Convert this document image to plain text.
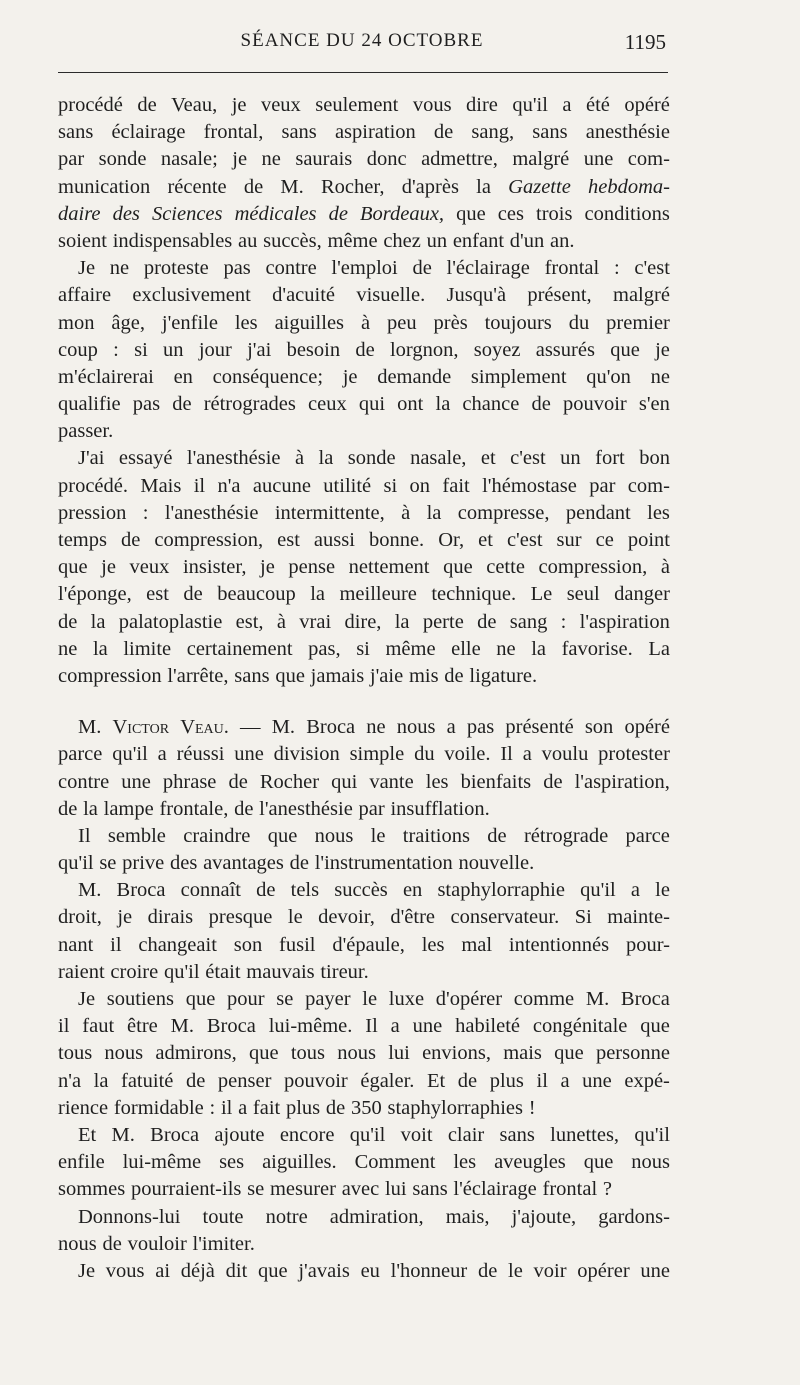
SÉANCE DU 24 OCTOBRE	1195
procédé de Veau, je veux seulement vous dire qu'il a été opéré
sans éclairage frontal, sans aspiration de sang, sans anesthésie
par sonde nasale; je ne saurais donc admettre, malgré une com-
munication récente de M. Rocher, d'après la Gazette hebdoma-
daire des Sciences médicales de Bordeaux, que ces trois conditions
soient indispensables au succès, même chez un enfant d'un an.
Je ne proteste pas contre l'emploi de l'éclairage frontal : c'est
affaire exclusivement d'acuité visuelle. Jusqu'à présent, malgré
mon âge, j'enfile les aiguilles à peu près toujours du premier
coup : si un jour j'ai besoin de lorgnon, soyez assurés que je
m'éclairerai en conséquence; je demande simplement qu'on ne
qualifie pas de rétrogrades ceux qui ont la chance de pouvoir s'en
passer.
J'ai essayé l'anesthésie à la sonde nasale, et c'est un fort bon
procédé. Mais il n'a aucune utilité si on fait l'hémostase par com-
pression : l'anesthésie intermittente, à la compresse, pendant les
temps de compression, est aussi bonne. Or, et c'est sur ce point
que je veux insister, je pense nettement que cette compression, à
l'éponge, est de beaucoup la meilleure technique. Le seul danger
de la palatoplastie est, à vrai dire, la perte de sang : l'aspiration
ne la limite certainement pas, si même elle ne la favorise. La
compression l'arrête, sans que jamais j'aie mis de ligature.
M. Victor Veau. — M. Broca ne nous a pas présenté son opéré
parce qu'il a réussi une division simple du voile. Il a voulu protester
contre une phrase de Rocher qui vante les bienfaits de l'aspiration,
de la lampe frontale, de l'anesthésie par insufflation.
Il semble craindre que nous le traitions de rétrograde parce
qu'il se prive des avantages de l'instrumentation nouvelle.
M. Broca connaît de tels succès en staphylorraphie qu'il a le
droit, je dirais presque le devoir, d'être conservateur. Si mainte-
nant il changeait son fusil d'épaule, les mal intentionnés pour-
raient croire qu'il était mauvais tireur.
Je soutiens que pour se payer le luxe d'opérer comme M. Broca
il faut être M. Broca lui-même. Il a une habileté congénitale que
tous nous admirons, que tous nous lui envions, mais que personne
n'a la fatuité de penser pouvoir égaler. Et de plus il a une expé-
rience formidable : il a fait plus de 350 staphylorraphies !
Et M. Broca ajoute encore qu'il voit clair sans lunettes, qu'il
enfile lui-même ses aiguilles. Comment les aveugles que nous
sommes pourraient-ils se mesurer avec lui sans l'éclairage frontal ?
Donnons-lui toute notre admiration, mais, j'ajoute, gardons-
nous de vouloir l'imiter.
Je vous ai déjà dit que j'avais eu l'honneur de le voir opérer une
